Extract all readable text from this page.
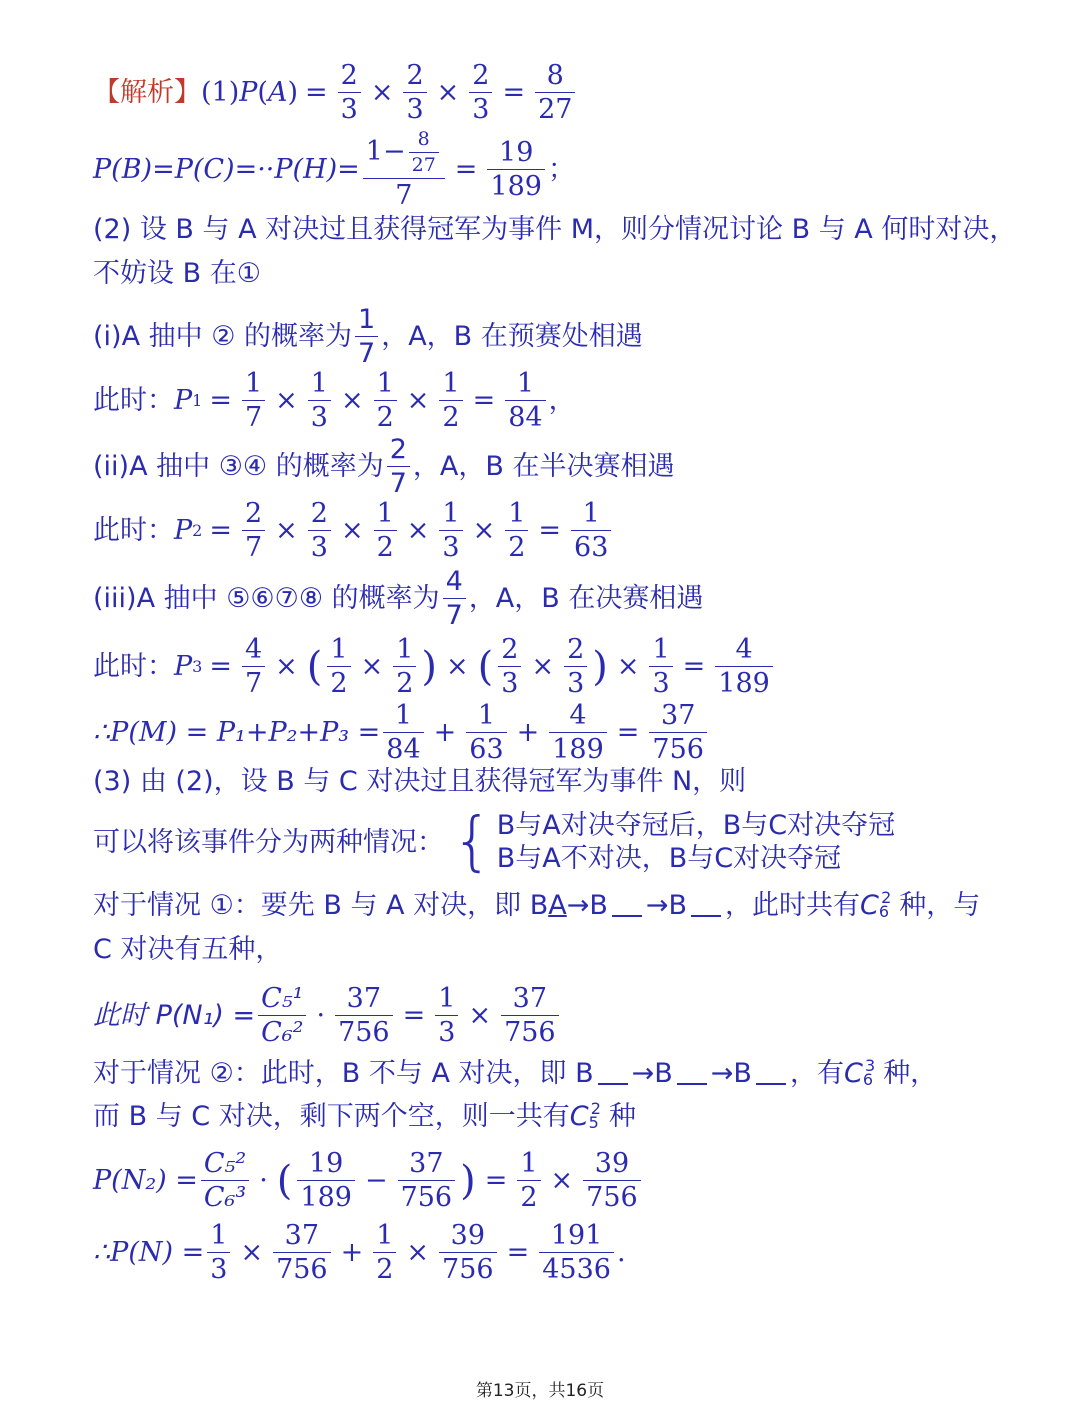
【解析】 (1) P ( A ) = $\frac{2}{3} \times \frac{2}{3} \times \frac{2}{3} = \frac{8}{27}$
$P(B)=P(C)=\cdot\cdot P(H)= \frac{1- \frac{8}{27}}{7} = \frac{19}{189}$ ；
(2) 设 B 与 A 对决过且获得冠军为事件 M，则分情况讨论 B 与 A 何时对决，
不妨设 B 在①
(i) A 抽中 ② 的概率为 $\frac{1}{7}$ ，A，B 在预赛处相遇
此时： P $1 = \frac{1}{7} \times \frac{1}{3} \times \frac{1}{2} \times \frac{1}{2} = \frac{1}{84}$ ，
(ii) A 抽中 ③④ 的概率为 $\frac{2}{7}$ ，A，B 在半决赛相遇
此时： P $2 = \frac{2}{7} \times \frac{2}{3} \times \frac{1}{2} \times \frac{1}{3} \times \frac{1}{2} = \frac{1}{63}$
(iii) A 抽中 ⑤⑥⑦⑧ 的概率为 $\frac{4}{7}$ ，A，B 在决赛相遇
此时： P $3 = \frac{4}{7}$ × ( $\frac{1}{2} \times \frac{1}{2}$ ) × ( $\frac{2}{3} \times \frac{2}{3}$ ) × $\frac{1}{3} = \frac{4}{189}$
∴P(M) = $P_1+P_2+P_3 = \frac{1}{84} + \frac{1}{63} + \frac{4}{189} = \frac{37}{756}$
(3) 由 (2)，设 B 与 C 对决过且获得冠军为事件 N，则
可以将该事件分为两种情况： { B与A对决夺冠后，B与C对决夺冠
B与A不对决，B与C对决夺冠
对于情况 ①：要先 B 与 A 对决，即 B A →B →B ，此时共有 $C_6$
$^2$ 种，与
C 对决有五种，
此时 $P(N_1) = \frac{\text{C₅¹}}{\text{C₆²}} \cdot \frac{37}{756} = \frac{1}{3} \times \frac{37}{756}$
对于情况 ②：此时，B 不与 A 对决，即 B →B →B ，有 $C_6$
$^3$ 种，
而 B 与 C 对决，剩下两个空，则一共有 $C_5$
$^2$ 种
$P(N_2) = \frac{\text{C₅²}}{\text{C₆³}}$ · ( $\frac{19}{189} - \frac{37}{756}$ ) = $\frac{1}{2} \times \frac{39}{756}$
∴P(N) = $\frac{1}{3} \times \frac{37}{756} + \frac{1}{2} \times \frac{39}{756} = \frac{191}{4536}$ .
第13页，共16页
